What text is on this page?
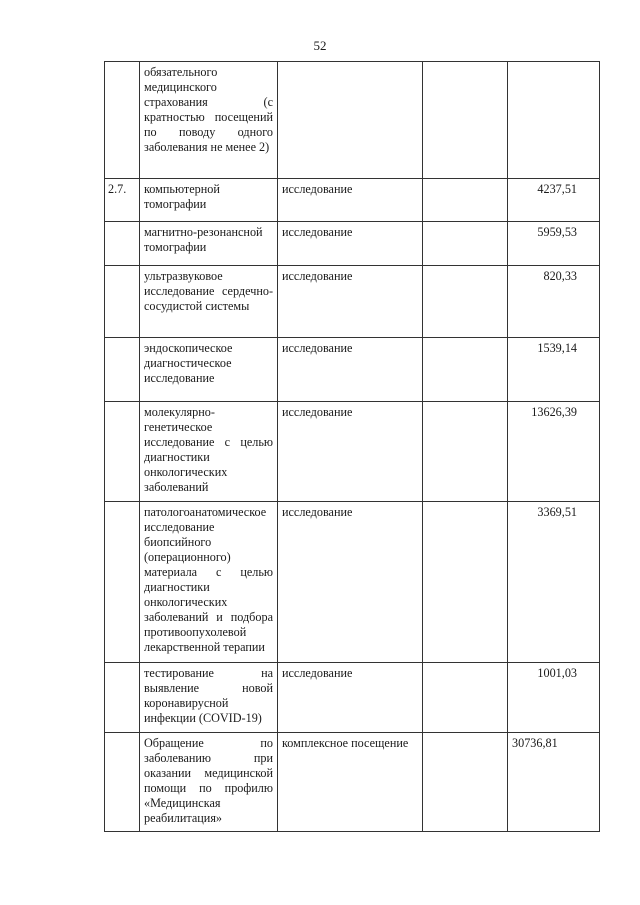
52

	обязательного медицинского страхования (с кратностью посещений по поводу одного заболевания не менее 2)			

2.7.	компьютерной томографии	исследование		4237,51

	магнитно-резонансной томографии	исследование		5959,53

	ультразвуковое исследование сердечно-сосудистой системы	исследование		820,33

	эндоскопическое диагностическое исследование	исследование		1539,14

	молекулярно-генетическое исследование с целью диагностики онкологических заболеваний	исследование		13626,39

	патологоанатомическое исследование биопсийного (операционного) материала с целью диагностики онкологических заболеваний и подбора противоопухолевой лекарственной терапии	исследование		3369,51

	тестирование на выявление новой коронавирусной инфекции (COVID-19)	исследование		1001,03

	Обращение по заболеванию при оказании медицинской помощи по профилю «Медицинская реабилитация»	комплексное посещение		30736,81
